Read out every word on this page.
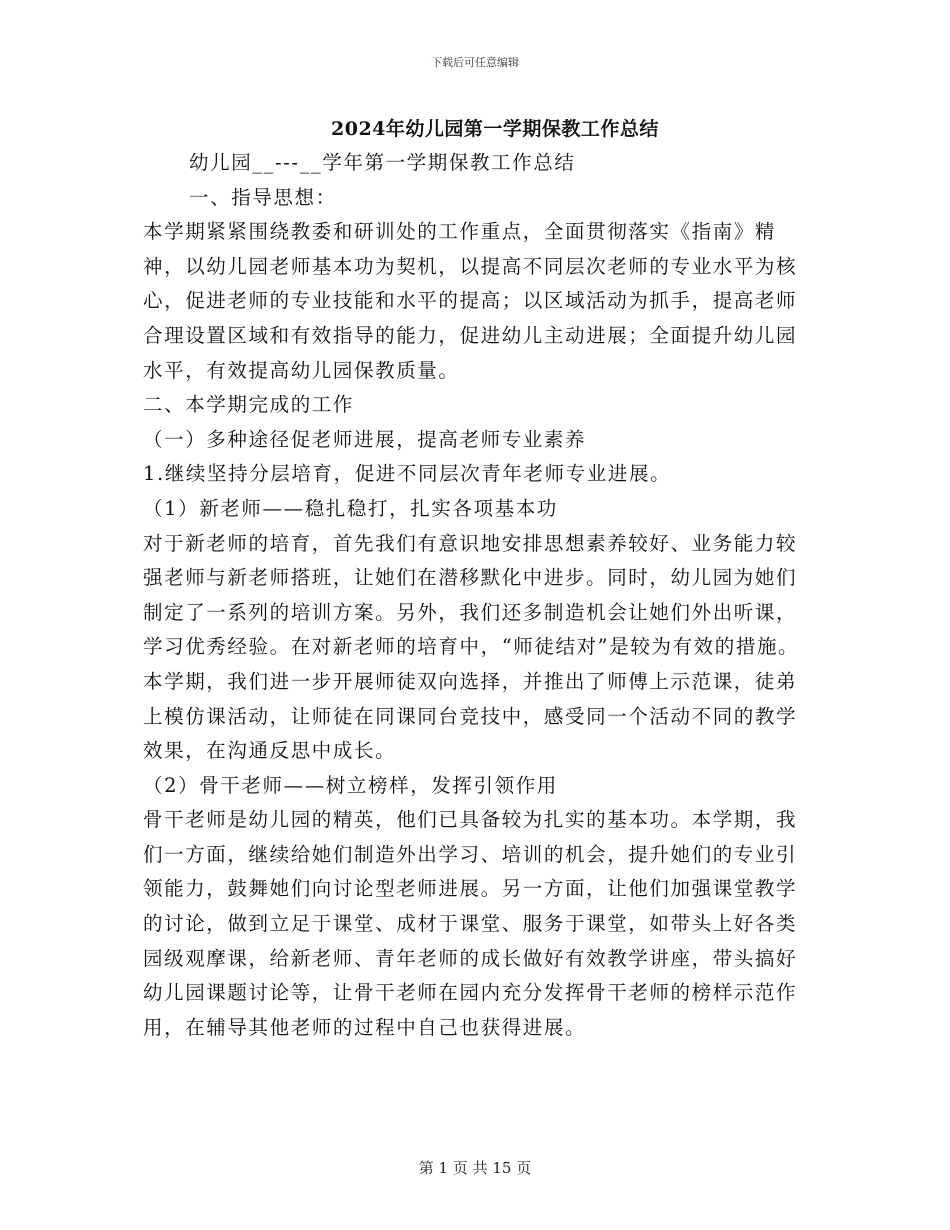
下载后可任意编辑
2024年幼儿园第一学期保教工作总结

幼儿园__---__学年第一学期保教工作总结

一、指导思想：

本学期紧紧围绕教委和研训处的工作重点，全面贯彻落实《指南》精神，以幼儿园老师基本功为契机，以提高不同层次老师的专业水平为核心，促进老师的专业技能和水平的提高；以区域活动为抓手，提高老师合理设置区域和有效指导的能力，促进幼儿主动进展；全面提升幼儿园水平，有效提高幼儿园保教质量。

二、本学期完成的工作

（一）多种途径促老师进展，提高老师专业素养

1.继续坚持分层培育，促进不同层次青年老师专业进展。

（1）新老师——稳扎稳打，扎实各项基本功

对于新老师的培育，首先我们有意识地安排思想素养较好、业务能力较强老师与新老师搭班，让她们在潜移默化中进步。同时，幼儿园为她们制定了一系列的培训方案。另外，我们还多制造机会让她们外出听课，学习优秀经验。在对新老师的培育中，“师徒结对”是较为有效的措施。本学期，我们进一步开展师徒双向选择，并推出了师傅上示范课，徒弟上模仿课活动，让师徒在同课同台竞技中，感受同一个活动不同的教学效果，在沟通反思中成长。

（2）骨干老师——树立榜样，发挥引领作用

骨干老师是幼儿园的精英，他们已具备较为扎实的基本功。本学期，我们一方面，继续给她们制造外出学习、培训的机会，提升她们的专业引领能力，鼓舞她们向讨论型老师进展。另一方面，让他们加强课堂教学的讨论，做到立足于课堂、成材于课堂、服务于课堂，如带头上好各类园级观摩课，给新老师、青年老师的成长做好有效教学讲座，带头搞好幼儿园课题讨论等，让骨干老师在园内充分发挥骨干老师的榜样示范作用，在辅导其他老师的过程中自己也获得进展。

第 1 页 共 15 页
